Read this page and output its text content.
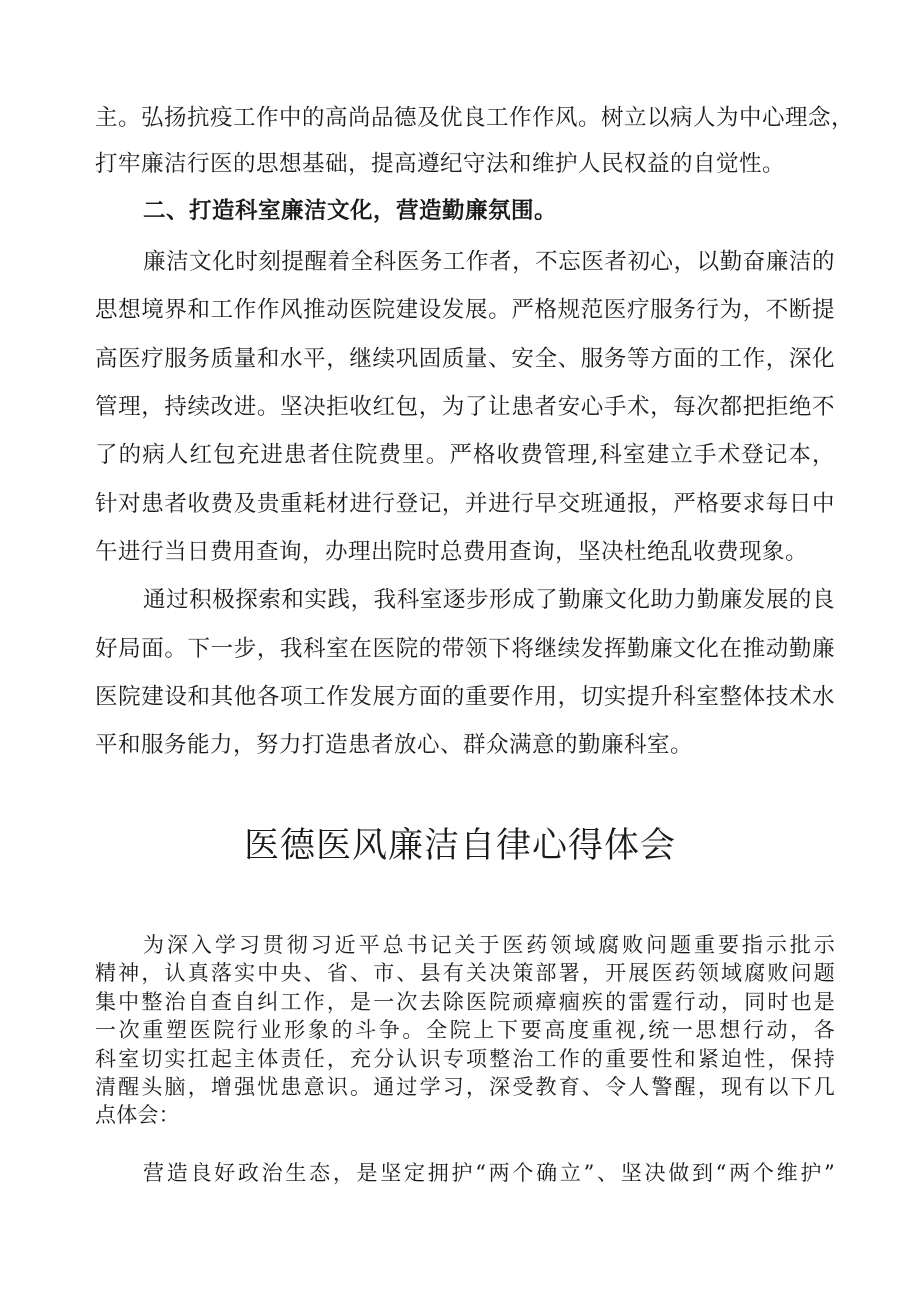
主。弘扬抗疫工作中的高尚品德及优良工作作风。树立以病人为中心理念，
打牢廉洁行医的思想基础，提高遵纪守法和维护人民权益的自觉性。
二、打造科室廉洁文化，营造勤廉氛围。
廉洁文化时刻提醒着全科医务工作者，不忘医者初心，以勤奋廉洁的
思想境界和工作作风推动医院建设发展。严格规范医疗服务行为，不断提
高医疗服务质量和水平，继续巩固质量、安全、服务等方面的工作，深化
管理，持续改进。坚决拒收红包，为了让患者安心手术，每次都把拒绝不
了的病人红包充进患者住院费里。严格收费管理,科室建立手术登记本，
针对患者收费及贵重耗材进行登记，并进行早交班通报，严格要求每日中
午进行当日费用查询，办理出院时总费用查询，坚决杜绝乱收费现象。
通过积极探索和实践，我科室逐步形成了勤廉文化助力勤廉发展的良
好局面。下一步，我科室在医院的带领下将继续发挥勤廉文化在推动勤廉
医院建设和其他各项工作发展方面的重要作用，切实提升科室整体技术水
平和服务能力，努力打造患者放心、群众满意的勤廉科室。
医德医风廉洁自律心得体会
为深入学习贯彻习近平总书记关于医药领域腐败问题重要指示批示
精神，认真落实中央、省、市、县有关决策部署，开展医药领域腐败问题
集中整治自查自纠工作，是一次去除医院顽瘴痼疾的雷霆行动，同时也是
一次重塑医院行业形象的斗争。全院上下要高度重视,统一思想行动，各
科室切实扛起主体责任，充分认识专项整治工作的重要性和紧迫性，保持
清醒头脑，增强忧患意识。通过学习，深受教育、令人警醒，现有以下几
点体会：
营造良好政治生态，是坚定拥护“两个确立”、坚决做到“两个维护”
